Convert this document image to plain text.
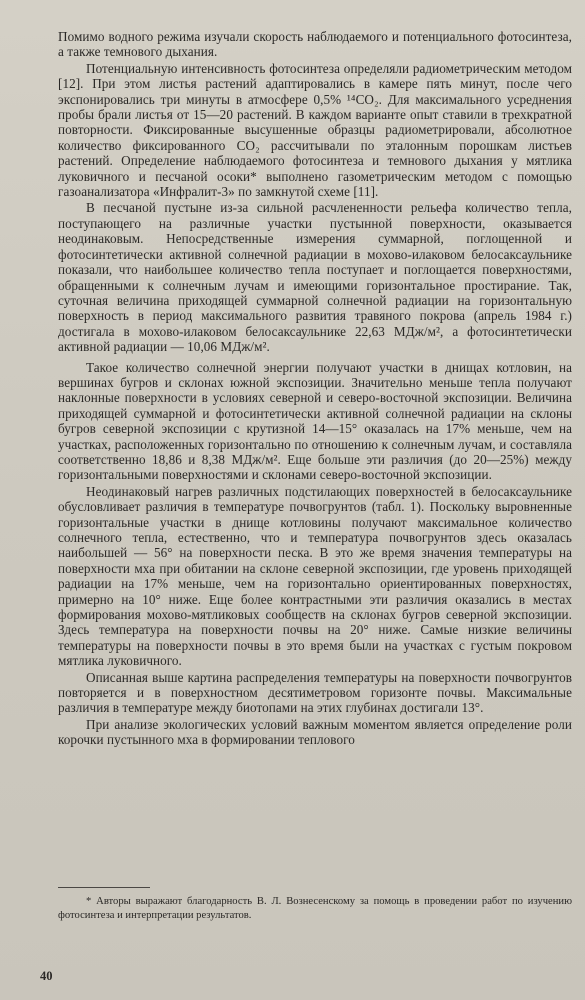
Помимо водного режима изучали скорость наблюдаемого и потенциального фотосинтеза, а также темнового дыхания.

Потенциальную интенсивность фотосинтеза определяли радиометрическим методом [12]. При этом листья растений адаптировались в камере пять минут, после чего экспонировались три минуты в атмосфере 0,5% ¹⁴CO₂. Для максимального усреднения пробы брали листья от 15—20 растений. В каждом варианте опыт ставили в трехкратной повторности. Фиксированные высушенные образцы радиометрировали, абсолютное количество фиксированного CO₂ рассчитывали по эталонным порошкам листьев растений. Определение наблюдаемого фотосинтеза и темнового дыхания у мятлика луковичного и песчаной осоки* выполнено газометрическим методом с помощью газоанализатора «Инфралит-3» по замкнутой схеме [11].

В песчаной пустыне из-за сильной расчлененности рельефа количество тепла, поступающего на различные участки пустынной поверхности, оказывается неодинаковым. Непосредственные измерения суммарной, поглощенной и фотосинтетически активной солнечной радиации в мохово-илаковом белосаксаульнике показали, что наибольшее количество тепла поступает и поглощается поверхностями, обращенными к солнечным лучам и имеющими горизонтальное простирание. Так, суточная величина приходящей суммарной солнечной радиации на горизонтальную поверхность в период максимального развития травяного покрова (апрель 1984 г.) достигала в мохово-илаковом белосаксаульнике 22,63 МДж/м², а фотосинтетически активной радиации — 10,06 МДж/м².

Такое количество солнечной энергии получают участки в днищах котловин, на вершинах бугров и склонах южной экспозиции. Значительно меньше тепла получают наклонные поверхности в условиях северной и северо-восточной экспозиции. Величина приходящей суммарной и фотосинтетически активной солнечной радиации на склоны бугров северной экспозиции с крутизной 14—15° оказалась на 17% меньше, чем на участках, расположенных горизонтально по отношению к солнечным лучам, и составляла соответственно 18,86 и 8,38 МДж/м². Еще больше эти различия (до 20—25%) между горизонтальными поверхностями и склонами северо-восточной экспозиции.

Неодинаковый нагрев различных подстилающих поверхностей в белосаксаульнике обусловливает различия в температуре почвогрунтов (табл. 1). Поскольку выровненные горизонтальные участки в днище котловины получают максимальное количество солнечного тепла, естественно, что и температура почвогрунтов здесь оказалась наибольшей — 56° на поверхности песка. В это же время значения температуры на поверхности мха при обитании на склоне северной экспозиции, где уровень приходящей радиации на 17% меньше, чем на горизонтально ориентированных поверхностях, примерно на 10° ниже. Еще более контрастными эти различия оказались в местах формирования мохово-мятликовых сообществ на склонах бугров северной экспозиции. Здесь температура на поверхности почвы на 20° ниже. Самые низкие величины температуры на поверхности почвы в это время были на участках с густым покровом мятлика луковичного.

Описанная выше картина распределения температуры на поверхности почвогрунтов повторяется и в поверхностном десятиметровом горизонте почвы. Максимальные различия в температуре между биотопами на этих глубинах достигали 13°.

При анализе экологических условий важным моментом является определение роли корочки пустынного мха в формировании теплового

* Авторы выражают благодарность В. Л. Вознесенскому за помощь в проведении работ по изучению фотосинтеза и интерпретации результатов.

40
